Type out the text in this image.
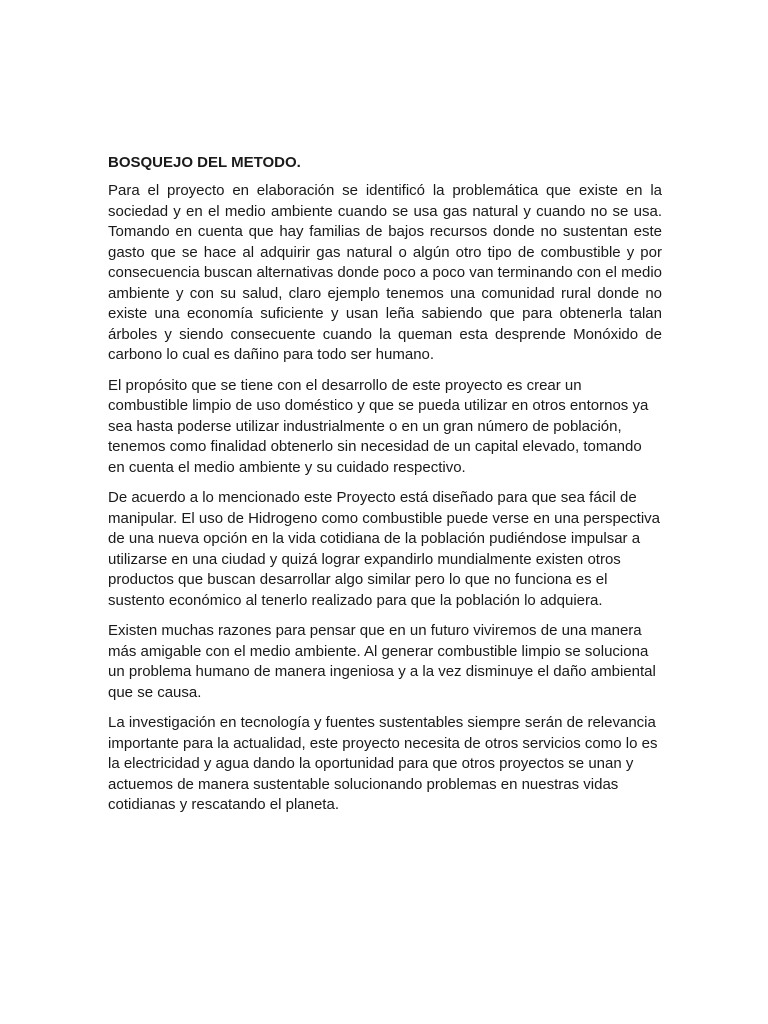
BOSQUEJO DEL METODO.

Para el proyecto en elaboración se identificó la problemática que existe en la sociedad y en el medio ambiente cuando se usa gas natural y cuando no se usa. Tomando en cuenta que hay familias de bajos recursos donde no sustentan este gasto que se hace al adquirir gas natural o algún otro tipo de combustible y por consecuencia buscan alternativas donde poco a poco van terminando con el medio ambiente y con su salud, claro ejemplo tenemos una comunidad rural donde no existe una economía suficiente y usan leña sabiendo que para obtenerla talan árboles y siendo consecuente cuando la queman esta desprende Monóxido de carbono lo cual es dañino para todo ser humano.

El propósito que se tiene con el desarrollo de este proyecto es crear un combustible limpio de uso doméstico y que se pueda utilizar en otros entornos ya sea hasta poderse utilizar industrialmente o en un gran número de población, tenemos como finalidad obtenerlo sin necesidad de un capital elevado, tomando en cuenta el medio ambiente y su cuidado respectivo.

De acuerdo a lo mencionado este Proyecto está diseñado para que sea fácil de manipular. El uso de Hidrogeno como combustible puede verse en una perspectiva de una nueva opción en la vida cotidiana de la población pudiéndose impulsar a utilizarse en una ciudad y quizá lograr expandirlo mundialmente existen otros productos que buscan desarrollar algo similar pero lo que no funciona es el sustento económico al tenerlo realizado para que la población lo adquiera.

Existen muchas razones para pensar que en un futuro viviremos de una manera más amigable con el medio ambiente. Al generar combustible limpio se soluciona un problema humano de manera ingeniosa y a la vez disminuye el daño ambiental que se causa.

La investigación en tecnología y fuentes sustentables siempre serán de relevancia importante para la actualidad, este proyecto necesita de otros servicios como lo es la electricidad y agua dando la oportunidad para que otros proyectos se unan y actuemos de manera sustentable solucionando problemas en nuestras vidas cotidianas y rescatando el planeta.
